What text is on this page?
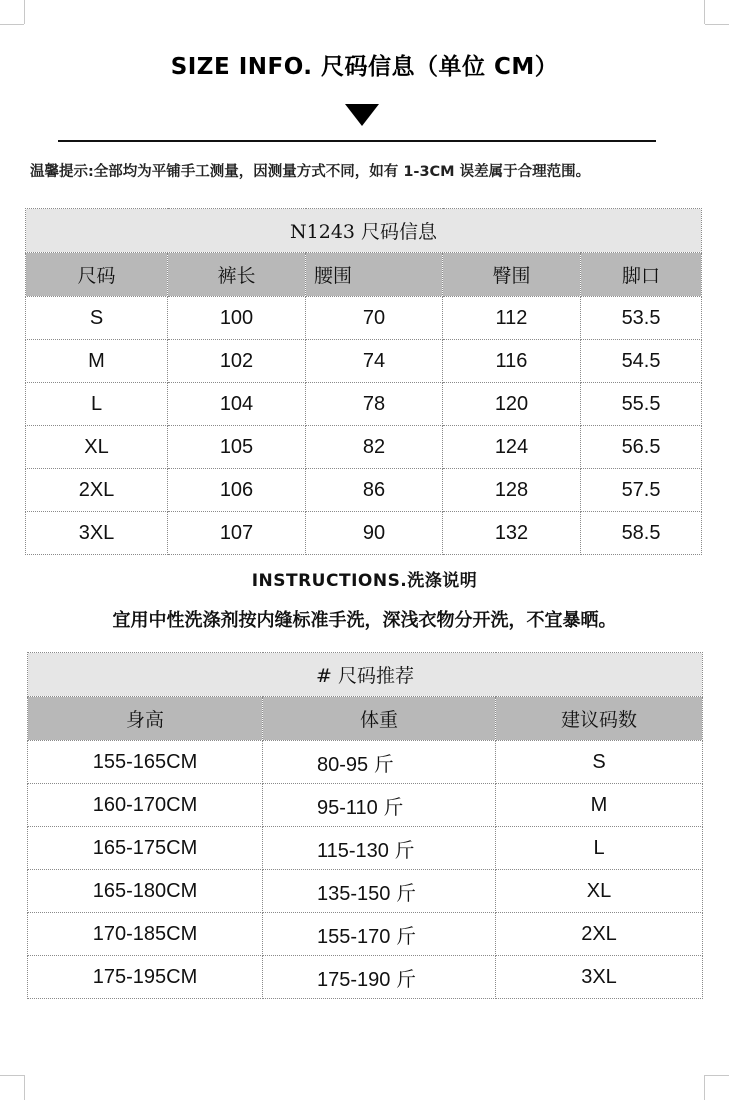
SIZE INFO. 尺码信息（单位 CM）
温馨提示:全部均为平铺手工测量，因测量方式不同，如有 1-3CM 误差属于合理范围。
N1243 尺码信息				
尺码	裤长	腰围	臀围	脚口
S	100	70	112	53.5
M	102	74	116	54.5
L	104	78	120	55.5
XL	105	82	124	56.5
2XL	106	86	128	57.5
3XL	107	90	132	58.5
INSTRUCTIONS.洗涤说明
宜用中性洗涤剂按内缝标准手洗，深浅衣物分开洗，不宜暴晒。
# 尺码推荐		
身高	体重	建议码数
155-165CM	80-95 斤	S
160-170CM	95-110 斤	M
165-175CM	115-130 斤	L
165-180CM	135-150 斤	XL
170-185CM	155-170 斤	2XL
175-195CM	175-190 斤	3XL
